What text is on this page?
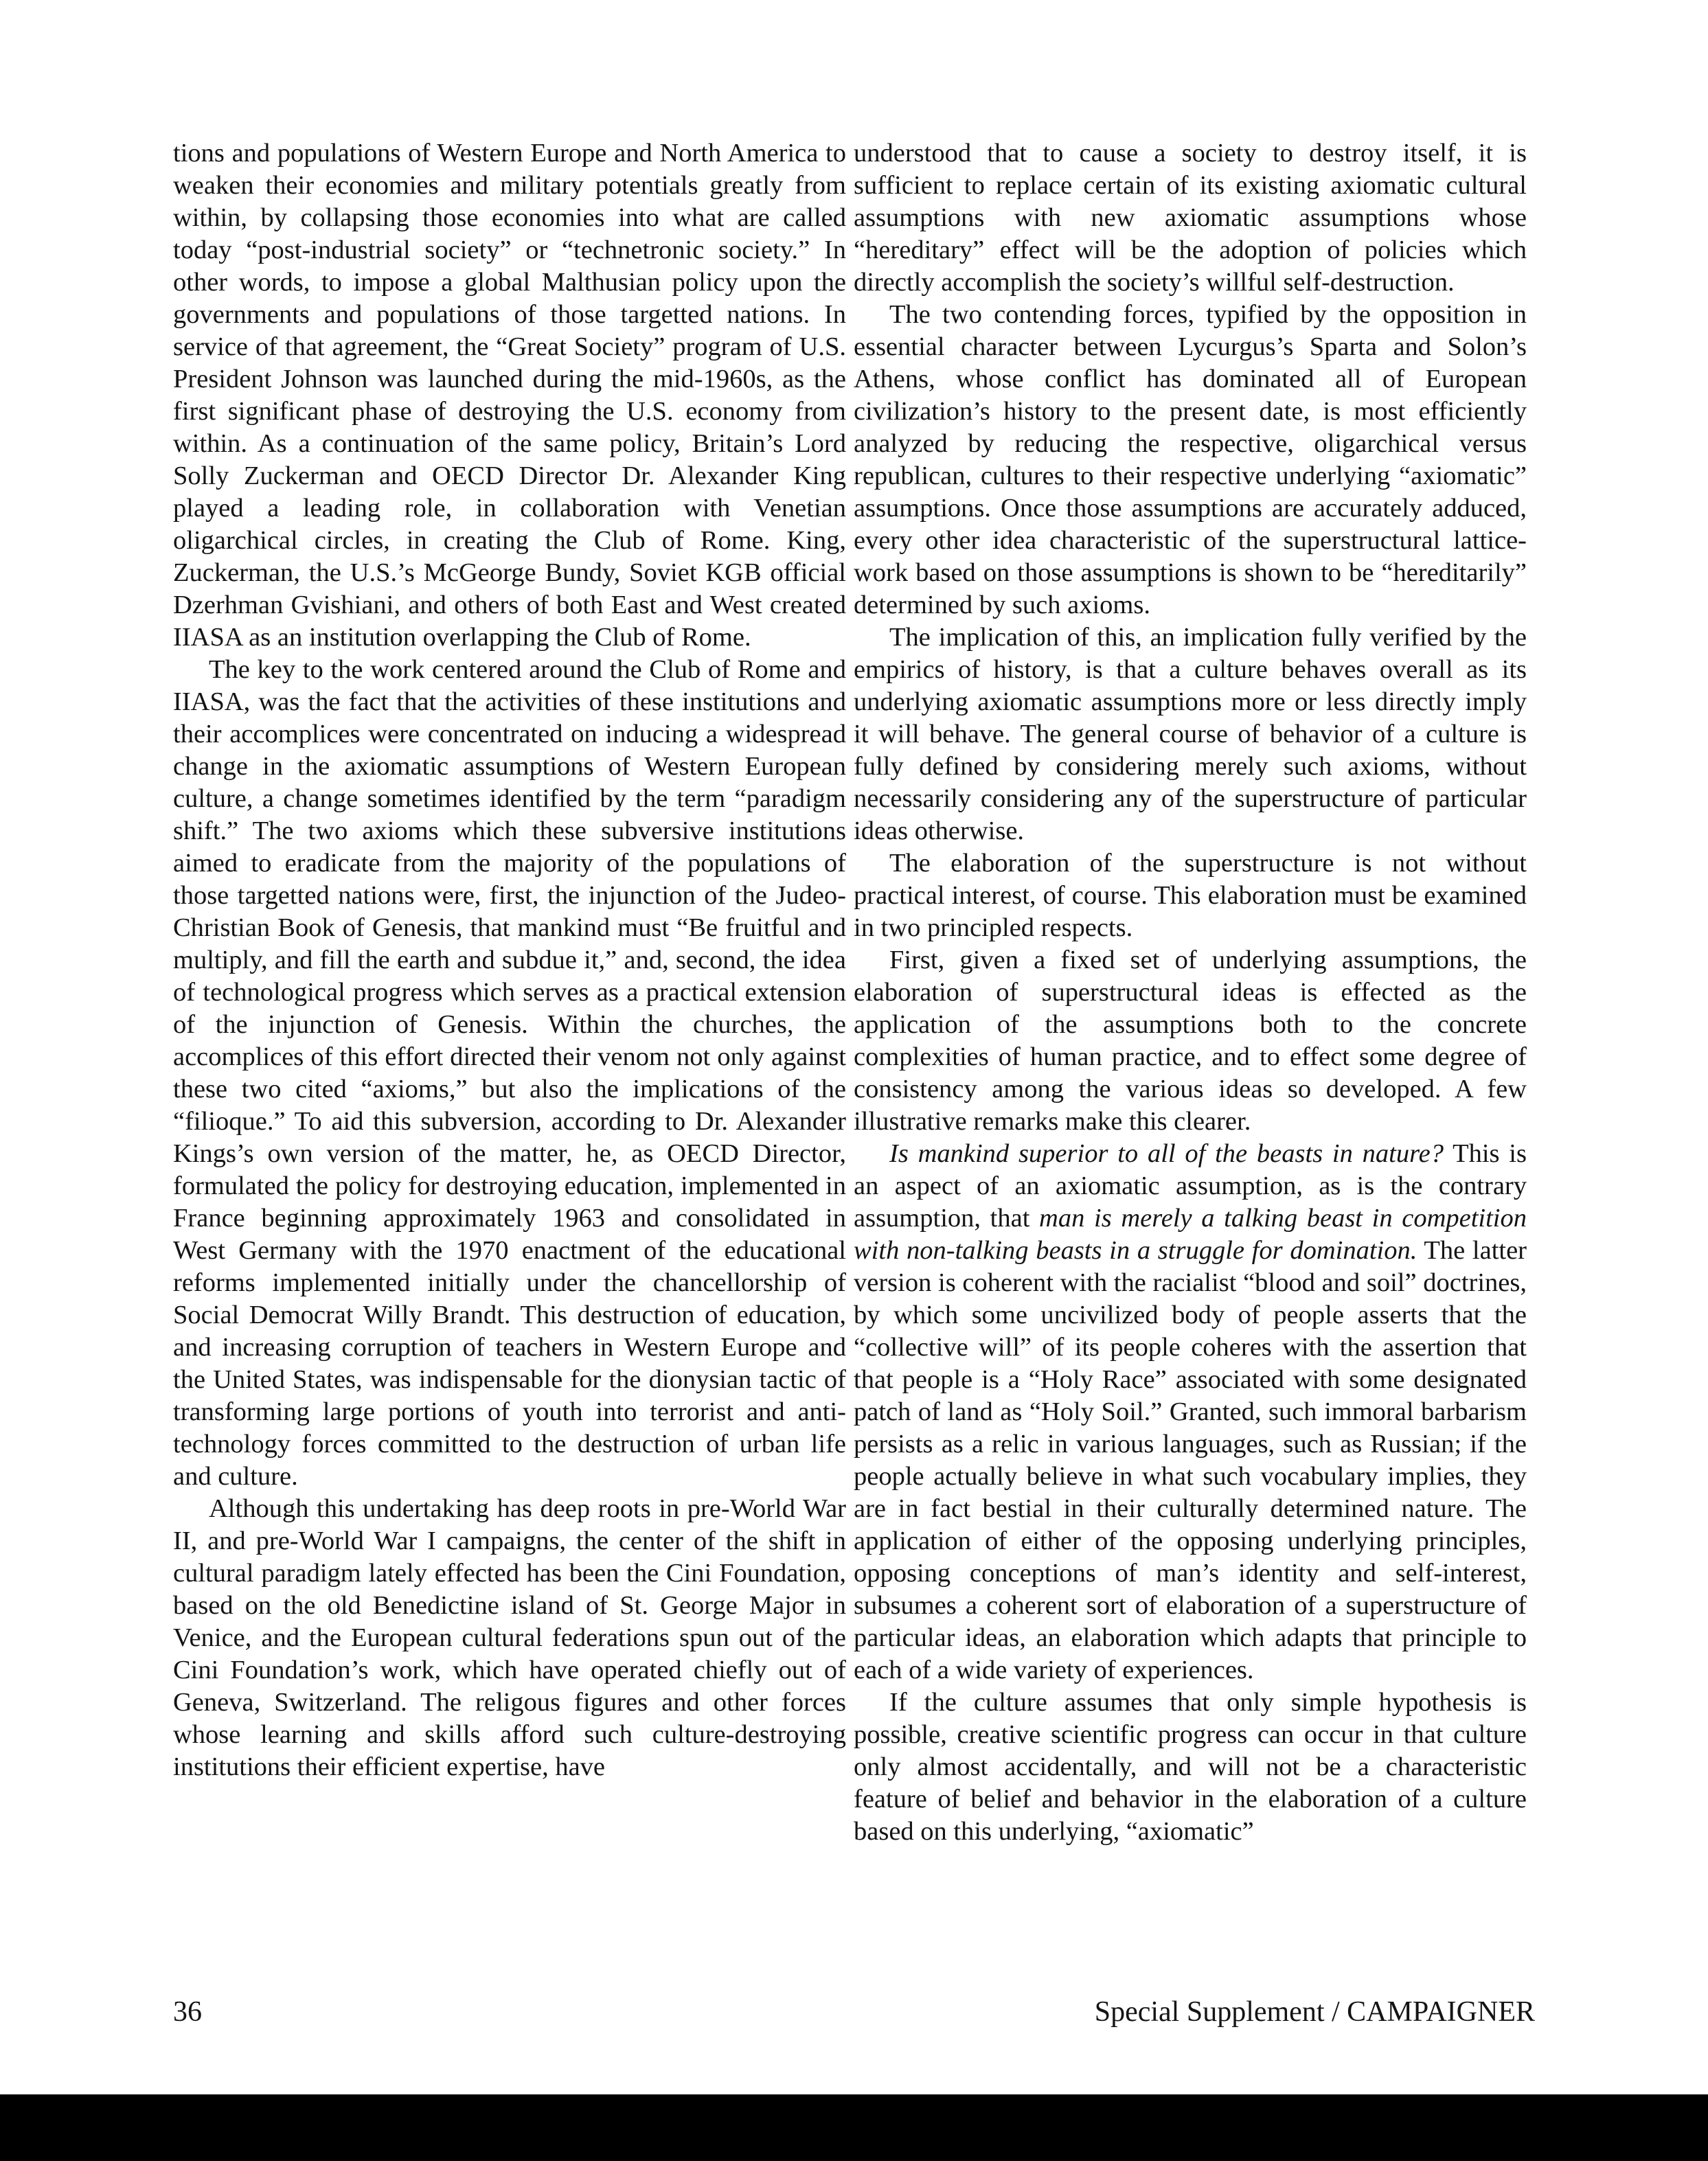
tions and populations of Western Europe and North America to weaken their economies and military potentials greatly from within, by collapsing those economies into what are called today “post-industrial society” or “technetronic society.” In other words, to impose a global Malthusian policy upon the governments and populations of those targetted nations. In service of that agreement, the “Great Society” program of U.S. President Johnson was launched during the mid-1960s, as the first significant phase of destroying the U.S. economy from within. As a continuation of the same policy, Britain’s Lord Solly Zuckerman and OECD Director Dr. Alexander King played a leading role, in collaboration with Venetian oligarchical circles, in creating the Club of Rome. King, Zuckerman, the U.S.’s McGeorge Bundy, Soviet KGB official Dzerhman Gvishiani, and others of both East and West created IIASA as an institution overlapping the Club of Rome.

The key to the work centered around the Club of Rome and IIASA, was the fact that the activities of these institutions and their accomplices were concentrated on inducing a widespread change in the axiomatic assumptions of Western European culture, a change sometimes identified by the term “paradigm shift.” The two axioms which these subversive institutions aimed to eradicate from the majority of the populations of those targetted nations were, first, the injunction of the Judeo-Christian Book of Genesis, that mankind must “Be fruitful and multiply, and fill the earth and subdue it,” and, second, the idea of technological progress which serves as a practical extension of the injunction of Genesis. Within the churches, the accomplices of this effort directed their venom not only against these two cited “axioms,” but also the implications of the “filioque.” To aid this subversion, according to Dr. Alexander Kings’s own version of the matter, he, as OECD Director, formulated the policy for destroying education, implemented in France beginning approximately 1963 and consolidated in West Germany with the 1970 enactment of the educational reforms implemented initially under the chancellorship of Social Democrat Willy Brandt. This destruction of education, and increasing corruption of teachers in Western Europe and the United States, was indispensable for the dionysian tactic of transforming large portions of youth into terrorist and anti-technology forces committed to the destruction of urban life and culture.

Although this undertaking has deep roots in pre-World War II, and pre-World War I campaigns, the center of the shift in cultural paradigm lately effected has been the Cini Foundation, based on the old Benedictine island of St. George Major in Venice, and the European cultural federations spun out of the Cini Foundation’s work, which have operated chiefly out of Geneva, Switzerland. The religous figures and other forces whose learning and skills afford such culture-destroying institutions their efficient expertise, have

understood that to cause a society to destroy itself, it is sufficient to replace certain of its existing axiomatic cultural assumptions with new axiomatic assumptions whose “hereditary” effect will be the adoption of policies which directly accomplish the society’s willful self-destruction.

The two contending forces, typified by the opposition in essential character between Lycurgus’s Sparta and Solon’s Athens, whose conflict has dominated all of European civilization’s history to the present date, is most efficiently analyzed by reducing the respective, oligarchical versus republican, cultures to their respective underlying “axiomatic” assumptions. Once those assumptions are accurately adduced, every other idea characteristic of the superstructural lattice-work based on those assumptions is shown to be “hereditarily” determined by such axioms.

The implication of this, an implication fully verified by the empirics of history, is that a culture behaves overall as its underlying axiomatic assumptions more or less directly imply it will behave. The general course of behavior of a culture is fully defined by considering merely such axioms, without necessarily considering any of the superstructure of particular ideas otherwise.

The elaboration of the superstructure is not without practical interest, of course. This elaboration must be examined in two principled respects.

First, given a fixed set of underlying assumptions, the elaboration of superstructural ideas is effected as the application of the assumptions both to the concrete complexities of human practice, and to effect some degree of consistency among the various ideas so developed. A few illustrative remarks make this clearer.

Is mankind superior to all of the beasts in nature? This is an aspect of an axiomatic assumption, as is the contrary assumption, that man is merely a talking beast in competition with non-talking beasts in a struggle for domination. The latter version is coherent with the racialist “blood and soil” doctrines, by which some uncivilized body of people asserts that the “collective will” of its people coheres with the assertion that that people is a “Holy Race” associated with some designated patch of land as “Holy Soil.” Granted, such immoral barbarism persists as a relic in various languages, such as Russian; if the people actually believe in what such vocabulary implies, they are in fact bestial in their culturally determined nature. The application of either of the opposing underlying principles, opposing conceptions of man’s identity and self-interest, subsumes a coherent sort of elaboration of a superstructure of particular ideas, an elaboration which adapts that principle to each of a wide variety of experiences.

If the culture assumes that only simple hypothesis is possible, creative scientific progress can occur in that culture only almost accidentally, and will not be a characteristic feature of belief and behavior in the elaboration of a culture based on this underlying, “axiomatic”

36	Special Supplement / CAMPAIGNER
